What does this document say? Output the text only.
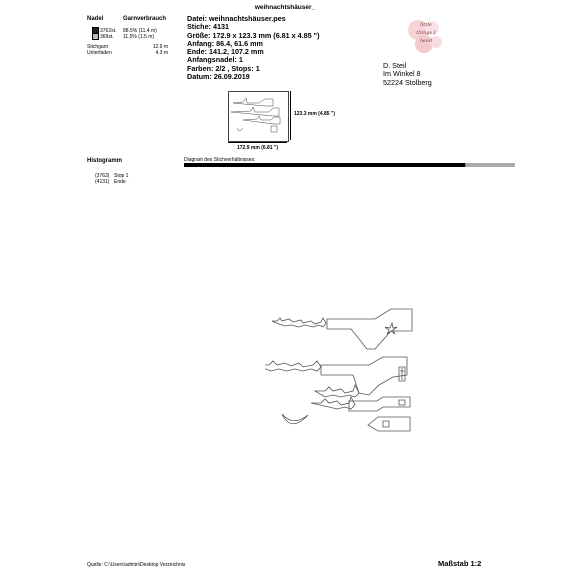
weihnachtshäuser_
Nadel	Garnverbrauch
3762st. 88.5% (11.4 m)
369st. 11.5% (1.5 m)
Stichgarn	12.9 m
Unterfaden	4.3 m
Datei: weihnachtshäuser.pes
Stiche: 4131
Größe: 172.9 x 123.3 mm (6.81 x 4.85 ")
Anfang: 86.4, 61.6 mm
Ende: 141.2, 107.2 mm
Anfangsnadel: 1
Farben: 2/2 , Stops: 1
Datum: 26.09.2019
little
things I
need
.
D. Steil
Im Winkel 8
52224 Stolberg
123.3 mm (4.85 ")
172.9 mm (6.81 ")
Histogramm	Diagram des Stichverhältnisses:
(3763) Stop 1
(4131) Ende
Quelle: C:\Users\admin\Desktop Verzeichnis	Maßstab 1:2
